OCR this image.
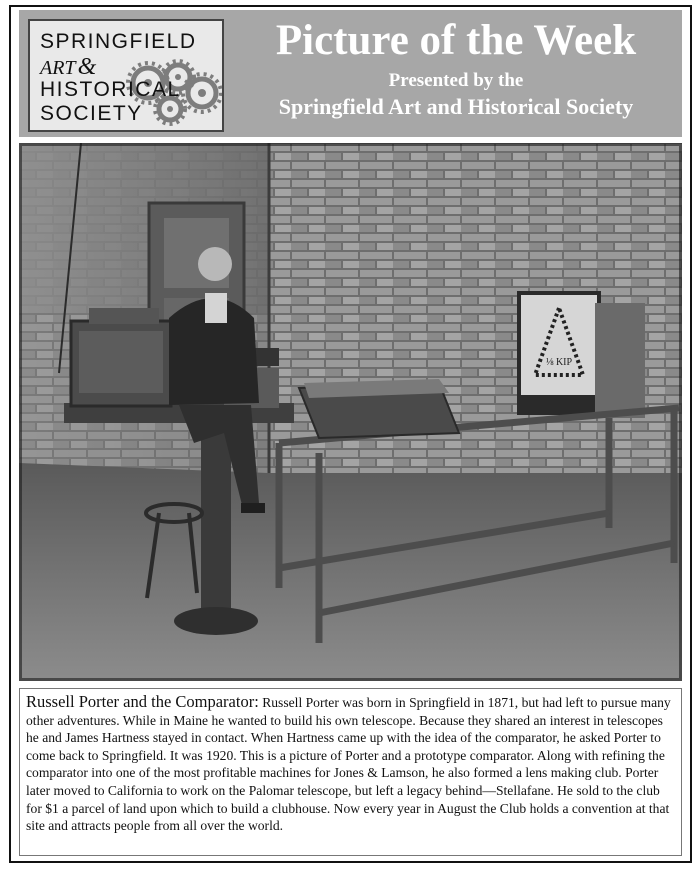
SPRINGFIELD
ART&
HISTORICAL
SOCIETY
Picture of the Week
Presented by the
Springfield Art and Historical Society
⅛ KIP
Russell Porter and the Comparator: Russell Porter was born in Springfield in 1871, but had left to pursue many other adventures. While in Maine he wanted to build his own telescope. Because they shared an interest in telescopes he and James Hartness stayed in contact. When Hartness came up with the idea of the comparator, he asked Porter to come back to Springfield. It was 1920. This is a picture of Porter and a prototype comparator. Along with refining the comparator into one of the most profitable machines for Jones & Lamson, he also formed a lens making club. Porter later moved to California to work on the Palomar telescope, but left a legacy behind—Stellafane. He sold to the club for $1 a parcel of land upon which to build a clubhouse. Now every year in August the Club holds a convention at that site and attracts people from all over the world.
